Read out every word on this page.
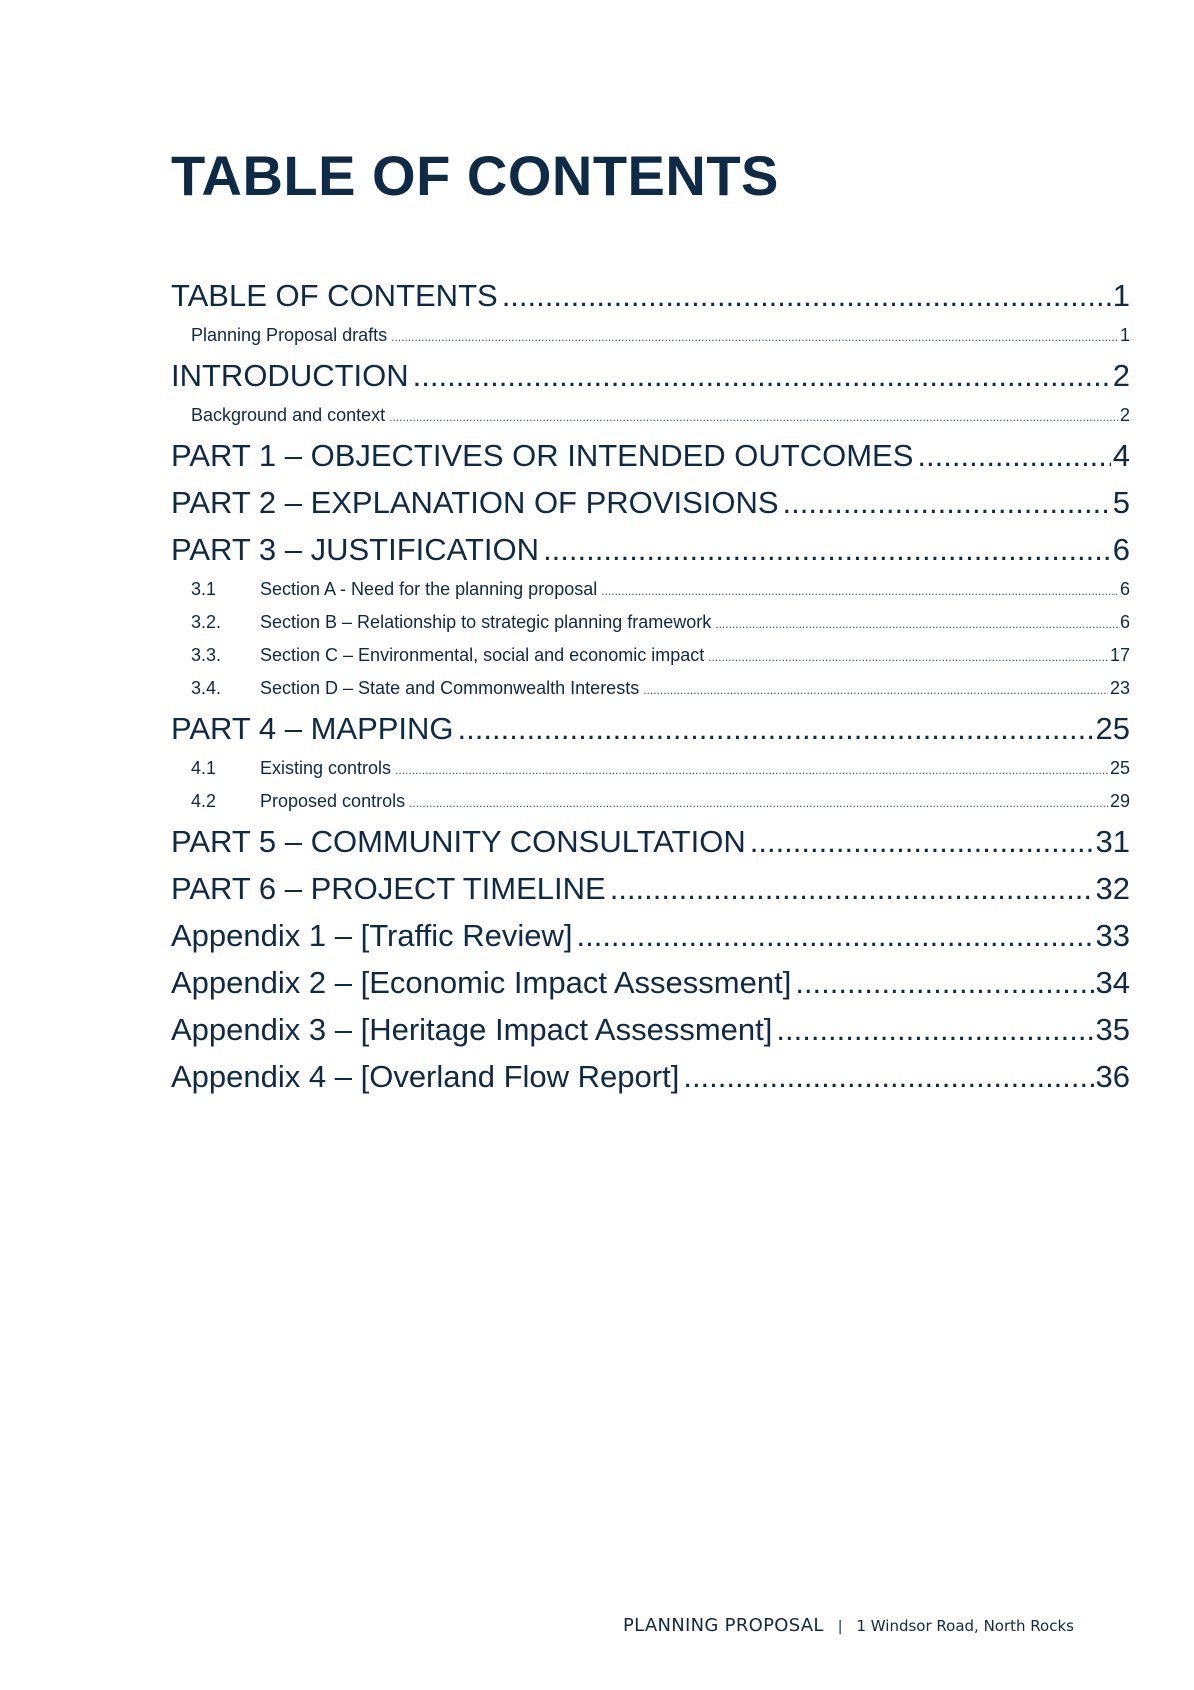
TABLE OF CONTENTS
TABLE OF CONTENTS .....	1
Planning Proposal drafts .....	1
INTRODUCTION .....	2
Background and context .....	2
PART 1 – OBJECTIVES OR INTENDED OUTCOMES .....	4
PART 2 – EXPLANATION OF PROVISIONS .....	5
PART 3 – JUSTIFICATION .....	6
3.1	Section A - Need for the planning proposal .....	6
3.2.	Section B – Relationship to strategic planning framework .....	6
3.3.	Section C – Environmental, social and economic impact .....	17
3.4.	Section D – State and Commonwealth Interests .....	23
PART 4 – MAPPING .....	25
4.1	Existing controls .....	25
4.2	Proposed controls .....	29
PART 5 – COMMUNITY CONSULTATION .....	31
PART 6 – PROJECT TIMELINE .....	32
Appendix 1 – [Traffic Review] .....	33
Appendix 2 – [Economic Impact Assessment] .....	34
Appendix 3 – [Heritage Impact Assessment] .....	35
Appendix 4 – [Overland Flow Report] .....	36
PLANNING PROPOSAL | 1 Windsor Road, North Rocks
